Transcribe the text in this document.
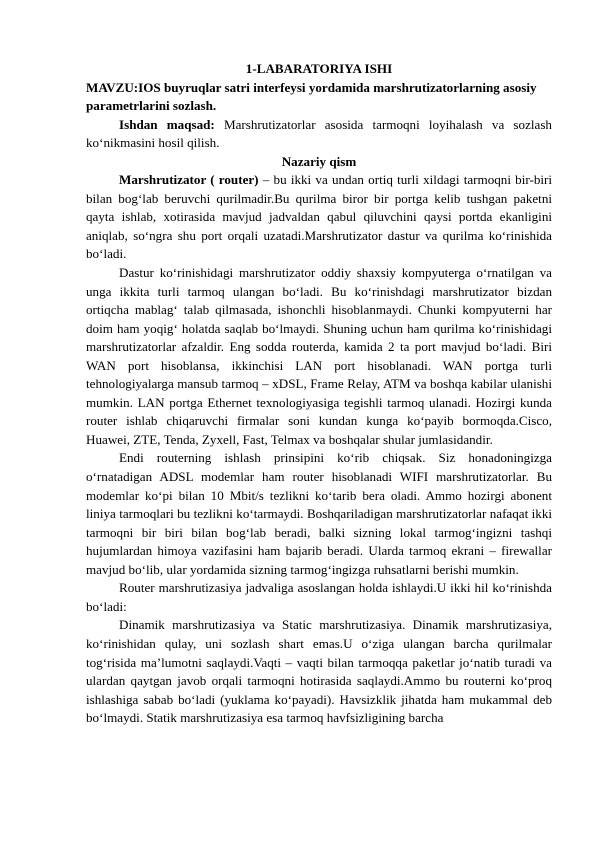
1-LABARATORIYA ISHI

MAVZU:IOS buyruqlar satri interfeysi yordamida marshrutizatorlarning asosiy parametrlarini sozlash.

Ishdan maqsad: Marshrutizatorlar asosida tarmoqni loyihalash va sozlash koʻnikmasini hosil qilish.

Nazariy qism

Marshrutizator ( router) – bu ikki va undan ortiq turli xildagi tarmoqni bir-biri bilan bogʻlab beruvchi qurilmadir.Bu qurilma biror bir portga kelib tushgan paketni qayta ishlab, xotirasida mavjud jadvaldan qabul qiluvchini qaysi portda ekanligini aniqlab, soʻngra shu port orqali uzatadi.Marshrutizator dastur va qurilma koʻrinishida boʻladi.

Dastur koʻrinishidagi marshrutizator oddiy shaxsiy kompyuterga oʻrnatilgan va unga ikkita turli tarmoq ulangan boʻladi. Bu koʻrinishdagi marshrutizator bizdan ortiqcha mablagʻ talab qilmasada, ishonchli hisoblanmaydi. Chunki kompyuterni har doim ham yoqigʻ holatda saqlab boʻlmaydi. Shuning uchun ham qurilma koʻrinishidagi marshrutizatorlar afzaldir. Eng sodda routerda, kamida 2 ta port mavjud boʻladi. Biri WAN port hisoblansa, ikkinchisi LAN port hisoblanadi. WAN portga turli tehnologiyalarga mansub tarmoq – xDSL, Frame Relay, ATM va boshqa kabilar ulanishi mumkin. LAN portga Ethernet texnologiyasiga tegishli tarmoq ulanadi. Hozirgi kunda router ishlab chiqaruvchi firmalar soni kundan kunga koʻpayib bormoqda.Cisco, Huawei, ZTE, Tenda, Zyxell, Fast, Telmax va boshqalar shular jumlasidandir.

Endi routerning ishlash prinsipini koʻrib chiqsak. Siz honadoningizga oʻrnatadigan ADSL modemlar ham router hisoblanadi WIFI marshrutizatorlar. Bu modemlar koʻpi bilan 10 Mbit/s tezlikni koʻtarib bera oladi. Ammo hozirgi abonent liniya tarmoqlari bu tezlikni koʻtarmaydi. Boshqariladigan marshrutizatorlar nafaqat ikki tarmoqni bir biri bilan bogʻlab beradi, balki sizning lokal tarmogʻingizni tashqi hujumlardan himoya vazifasini ham bajarib beradi. Ularda tarmoq ekrani – firewallar mavjud boʻlib, ular yordamida sizning tarmogʻingizga ruhsatlarni berishi mumkin.

Router marshrutizasiya jadvaliga asoslangan holda ishlaydi.U ikki hil koʻrinishda boʻladi:

Dinamik marshrutizasiya va Static marshrutizasiya. Dinamik marshrutizasiya, koʻrinishidan qulay, uni sozlash shart emas.U oʻziga ulangan barcha qurilmalar togʻrisida maʼlumotni saqlaydi.Vaqti – vaqti bilan tarmoqqa paketlar joʻnatib turadi va ulardan qaytgan javob orqali tarmoqni hotirasida saqlaydi.Ammo bu routerni koʻproq ishlashiga sabab boʻladi (yuklama koʻpayadi). Havsizklik jihatda ham mukammal deb boʻlmaydi. Statik marshrutizasiya esa tarmoq havfsizligining barcha
